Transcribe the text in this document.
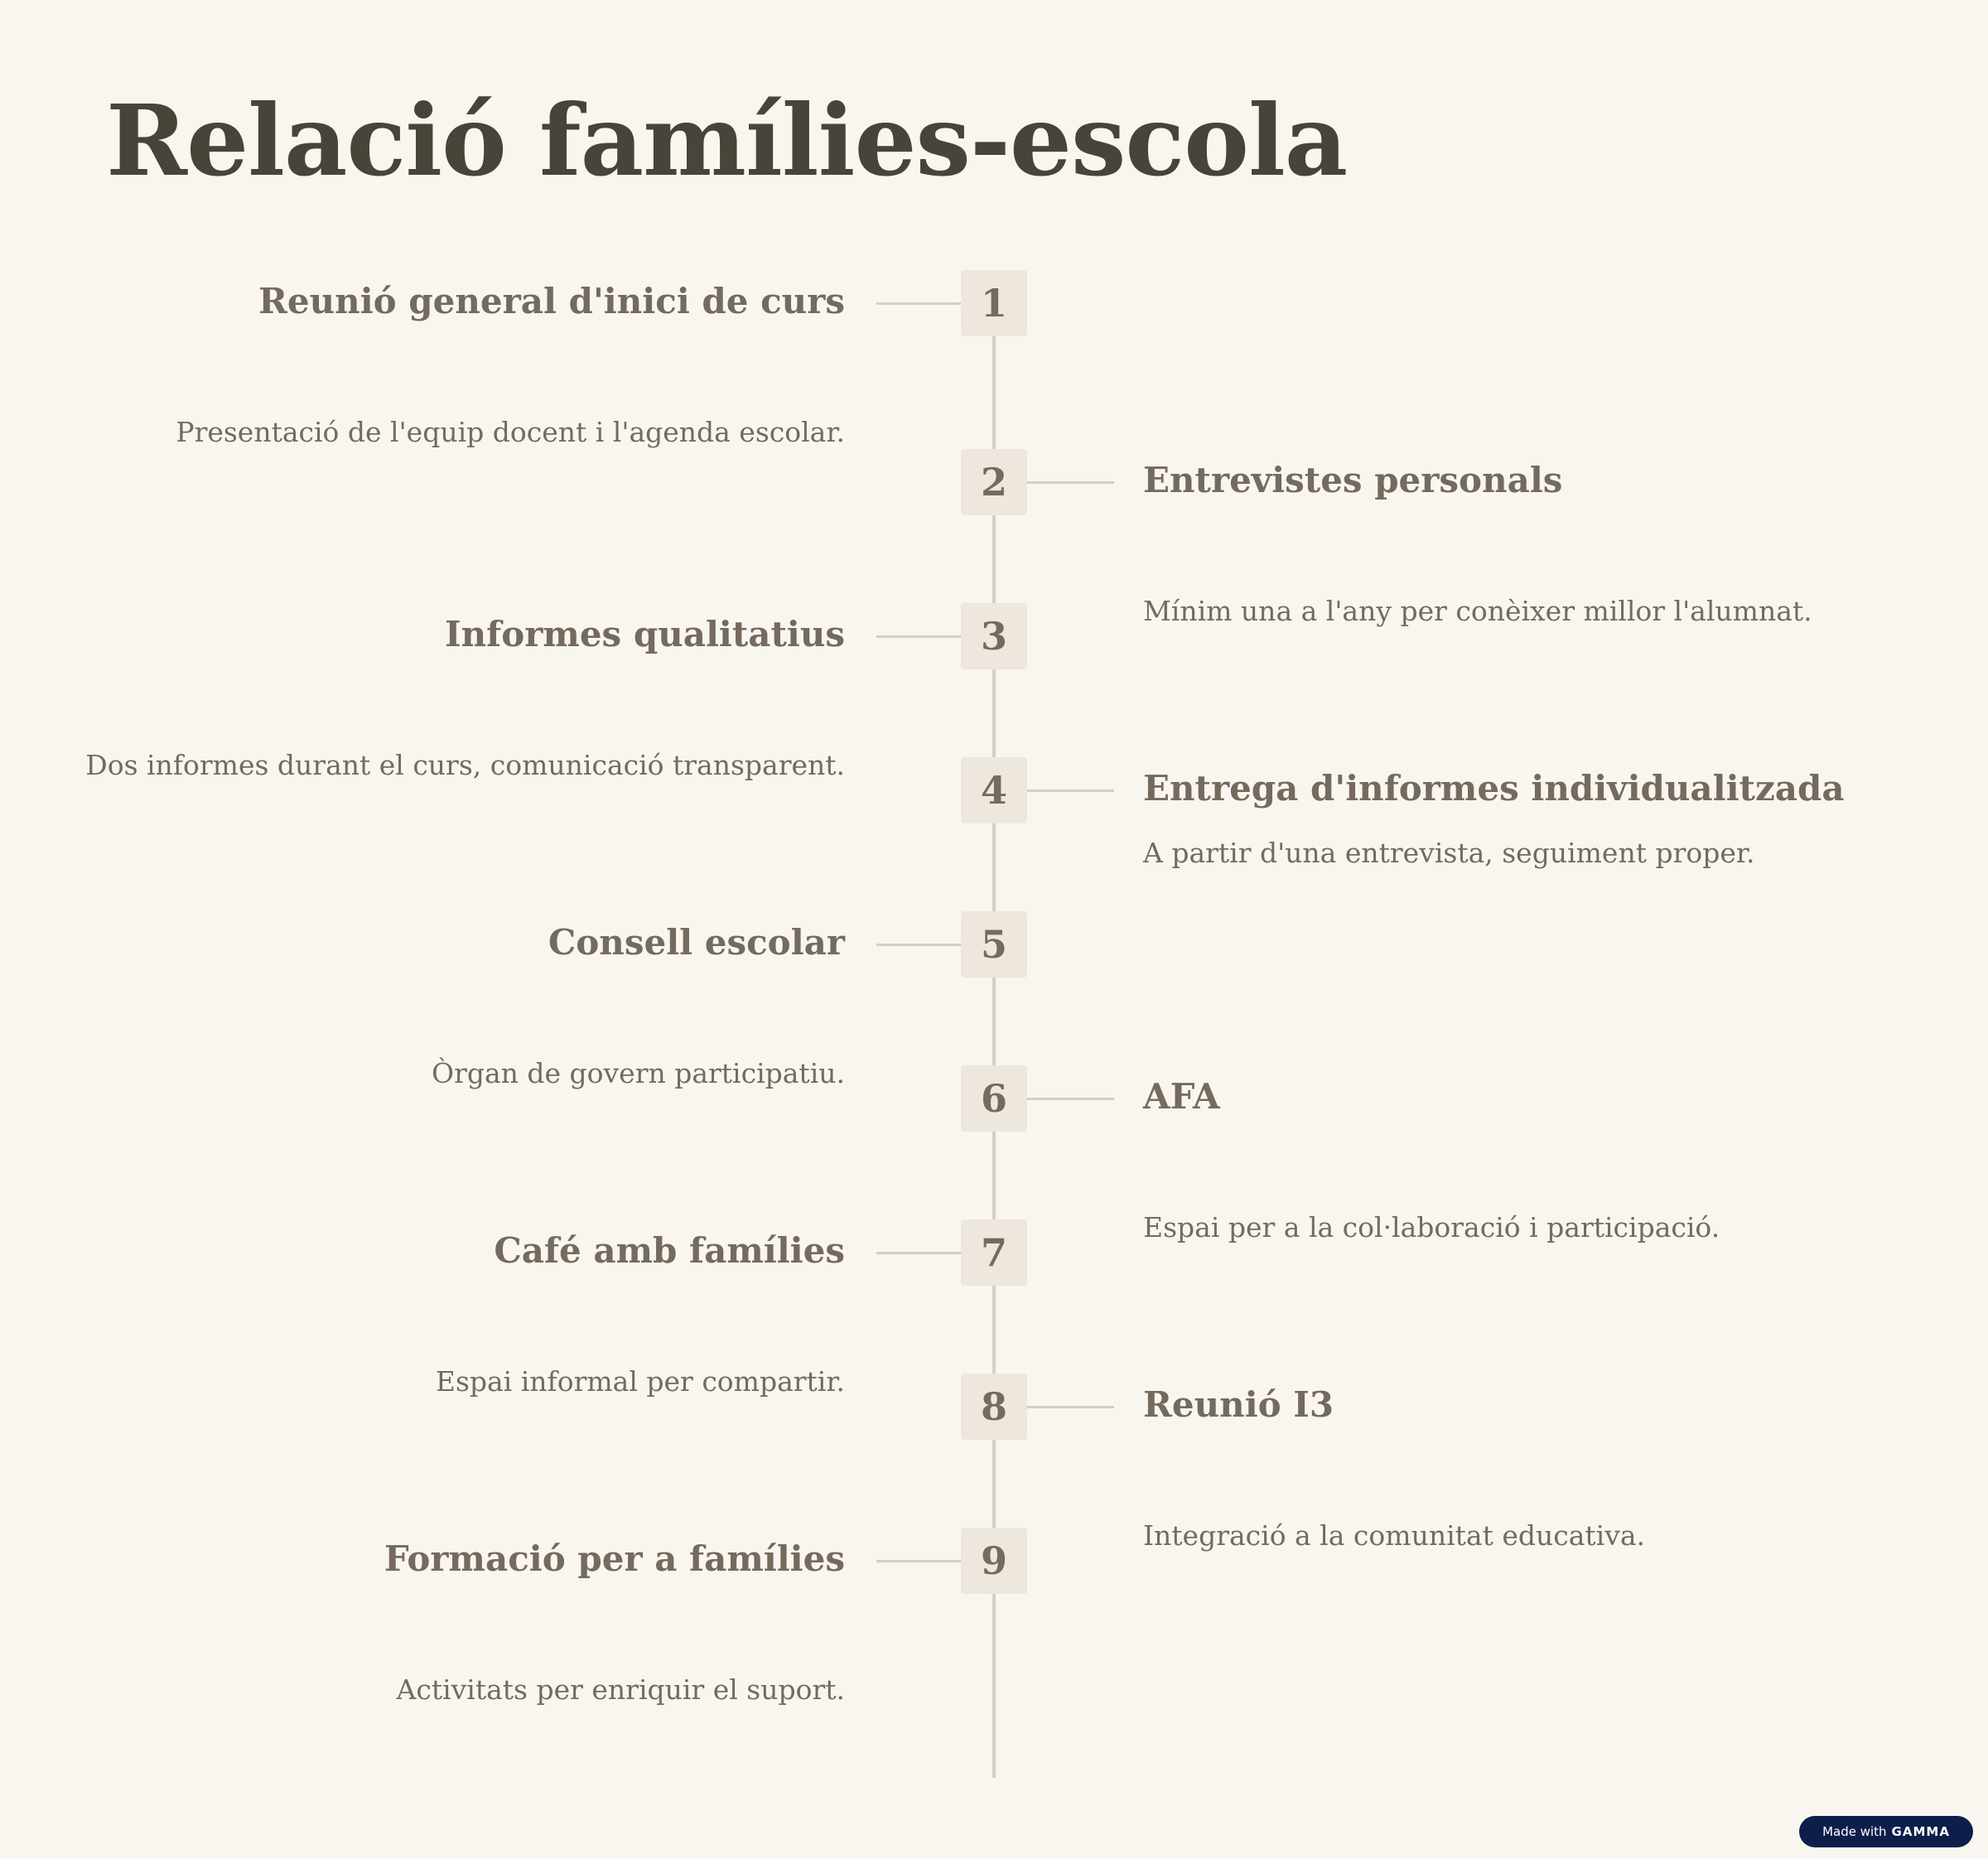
Relació famílies-escola
1
Reunió general d'inici de curs
Presentació de l'equip docent i l'agenda escolar.
2	Entrevistes personals
Mínim una a l'any per conèixer millor l'alumnat.
3
Informes qualitatius
Dos informes durant el curs, comunicació transparent.
4	Entrega d'informes individualitzada
A partir d'una entrevista, seguiment proper.
5
Consell escolar
Òrgan de govern participatiu.
6	AFA
Espai per a la col·laboració i participació.
7
Café amb famílies
Espai informal per compartir.
8	Reunió I3
Integració a la comunitat educativa.
9
Formació per a famílies
Activitats per enriquir el suport.
Made with GAMMA
